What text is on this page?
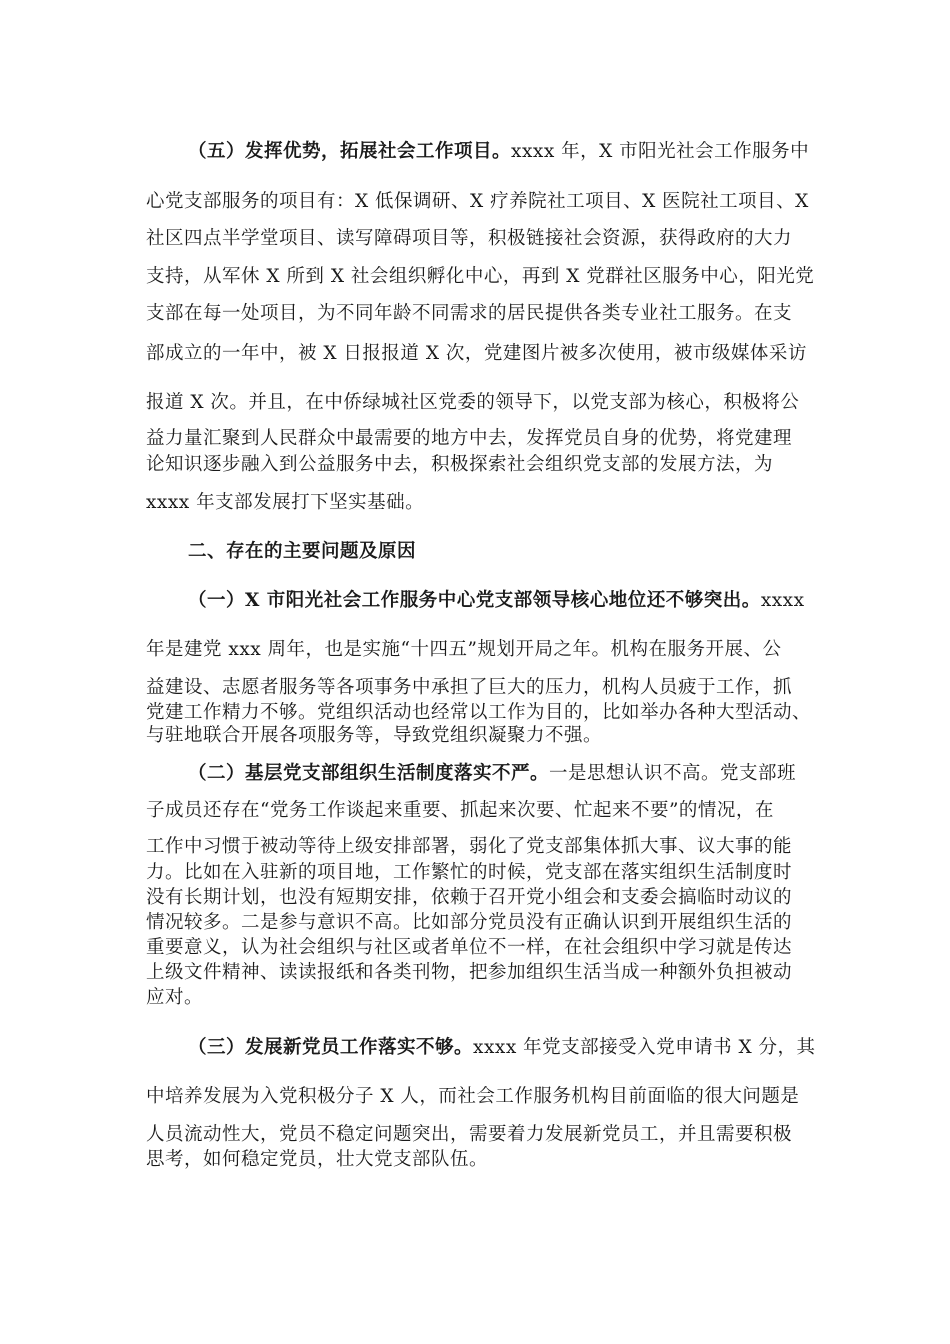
（五）发挥优势，拓展社会工作项目。xxxx 年，X 市阳光社会工作服务中
心党支部服务的项目有：X 低保调研、X 疗养院社工项目、X 医院社工项目、X
社区四点半学堂项目、读写障碍项目等，积极链接社会资源，获得政府的大力
支持，从军休 X 所到 X 社会组织孵化中心，再到 X 党群社区服务中心，阳光党
支部在每一处项目，为不同年龄不同需求的居民提供各类专业社工服务。在支
部成立的一年中，被 X 日报报道 X 次，党建图片被多次使用，被市级媒体采访
报道 X 次。并且，在中侨绿城社区党委的领导下，以党支部为核心，积极将公
益力量汇聚到人民群众中最需要的地方中去，发挥党员自身的优势，将党建理
论知识逐步融入到公益服务中去，积极探索社会组织党支部的发展方法，为
xxxx 年支部发展打下坚实基础。
二、存在的主要问题及原因
（一）X 市阳光社会工作服务中心党支部领导核心地位还不够突出。xxxx
年是建党 xxx 周年，也是实施“十四五”规划开局之年。机构在服务开展、公
益建设、志愿者服务等各项事务中承担了巨大的压力，机构人员疲于工作，抓
党建工作精力不够。党组织活动也经常以工作为目的，比如举办各种大型活动、
与驻地联合开展各项服务等，导致党组织凝聚力不强。
（二）基层党支部组织生活制度落实不严。一是思想认识不高。党支部班
子成员还存在“党务工作谈起来重要、抓起来次要、忙起来不要”的情况，在
工作中习惯于被动等待上级安排部署，弱化了党支部集体抓大事、议大事的能
力。比如在入驻新的项目地，工作繁忙的时候，党支部在落实组织生活制度时
没有长期计划，也没有短期安排，依赖于召开党小组会和支委会搞临时动议的
情况较多。二是参与意识不高。比如部分党员没有正确认识到开展组织生活的
重要意义，认为社会组织与社区或者单位不一样，在社会组织中学习就是传达
上级文件精神、读读报纸和各类刊物，把参加组织生活当成一种额外负担被动
应对。
（三）发展新党员工作落实不够。xxxx 年党支部接受入党申请书 X 分，其
中培养发展为入党积极分子 X 人，而社会工作服务机构目前面临的很大问题是
人员流动性大，党员不稳定问题突出，需要着力发展新党员工，并且需要积极
思考，如何稳定党员，壮大党支部队伍。
